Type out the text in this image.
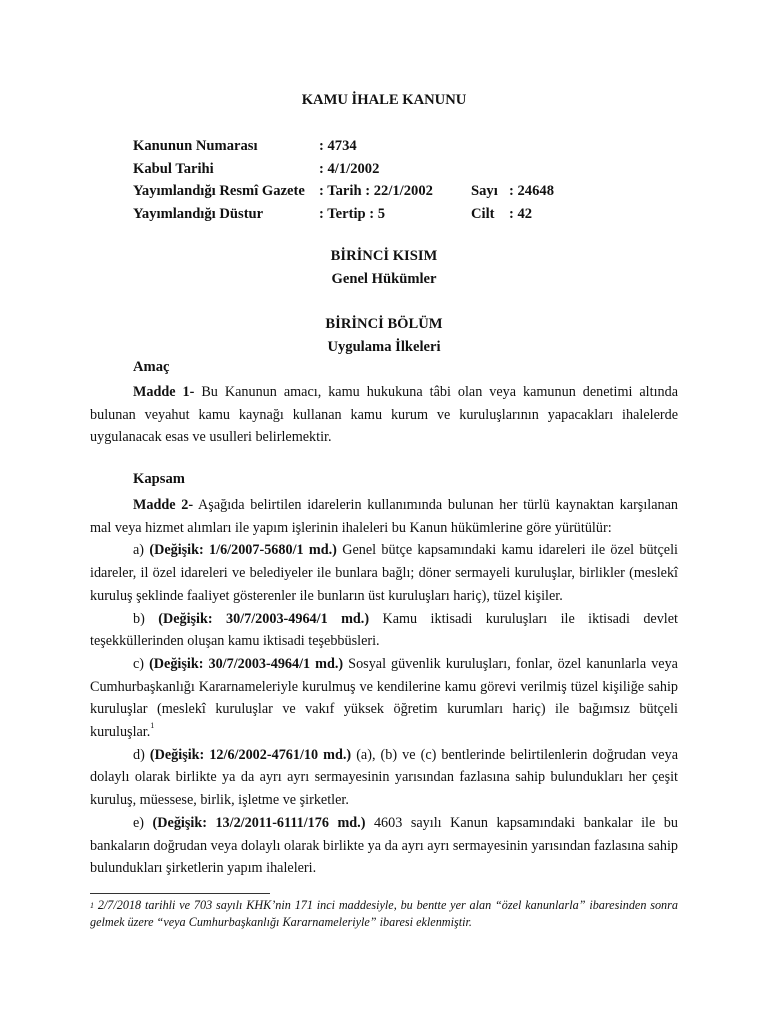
KAMU İHALE KANUNU
Kanunun Numarası	: 4734
Kabul Tarihi	: 4/1/2002
Yayımlandığı Resmî Gazete : Tarih : 22/1/2002	Sayı : 24648
Yayımlandığı Düstur	: Tertip : 5	Cilt : 42
BİRİNCİ KISIM
Genel Hükümler
BİRİNCİ BÖLÜM
Uygulama İlkeleri
Amaç

Madde 1- Bu Kanunun amacı, kamu hukukuna tâbi olan veya kamunun denetimi altında bulunan veyahut kamu kaynağı kullanan kamu kurum ve kuruluşlarının yapacakları ihalelerde uygulanacak esas ve usulleri belirlemektir.

Kapsam

Madde 2- Aşağıda belirtilen idarelerin kullanımında bulunan her türlü kaynaktan karşılanan mal veya hizmet alımları ile yapım işlerinin ihaleleri bu Kanun hükümlerine göre yürütülür:

a) (Değişik: 1/6/2007-5680/1 md.) Genel bütçe kapsamındaki kamu idareleri ile özel bütçeli idareler, il özel idareleri ve belediyeler ile bunlara bağlı; döner sermayeli kuruluşlar, birlikler (meslekî kuruluş şeklinde faaliyet gösterenler ile bunların üst kuruluşları hariç), tüzel kişiler.

b) (Değişik: 30/7/2003-4964/1 md.) Kamu iktisadi kuruluşları ile iktisadi devlet teşekküllerinden oluşan kamu iktisadi teşebbüsleri.

c) (Değişik: 30/7/2003-4964/1 md.) Sosyal güvenlik kuruluşları, fonlar, özel kanunlarla veya Cumhurbaşkanlığı Kararnameleriyle kurulmuş ve kendilerine kamu görevi verilmiş tüzel kişiliğe sahip kuruluşlar (meslekî kuruluşlar ve vakıf yüksek öğretim kurumları hariç) ile bağımsız bütçeli kuruluşlar.$^1$

d) (Değişik: 12/6/2002-4761/10 md.) (a), (b) ve (c) bentlerinde belirtilenlerin doğrudan veya dolaylı olarak birlikte ya da ayrı ayrı sermayesinin yarısından fazlasına sahip bulundukları her çeşit kuruluş, müessese, birlik, işletme ve şirketler.

e) (Değişik: 13/2/2011-6111/176 md.) 4603 sayılı Kanun kapsamındaki bankalar ile bu bankaların doğrudan veya dolaylı olarak birlikte ya da ayrı ayrı sermayesinin yarısından fazlasına sahip bulundukları şirketlerin yapım ihaleleri.

$^1$ 2/7/2018 tarihli ve 703 sayılı KHK’nin 171 inci maddesiyle, bu bentte yer alan “özel kanunlarla” ibaresinden sonra gelmek üzere “veya Cumhurbaşkanlığı Kararnameleriyle” ibaresi eklenmiştir.
